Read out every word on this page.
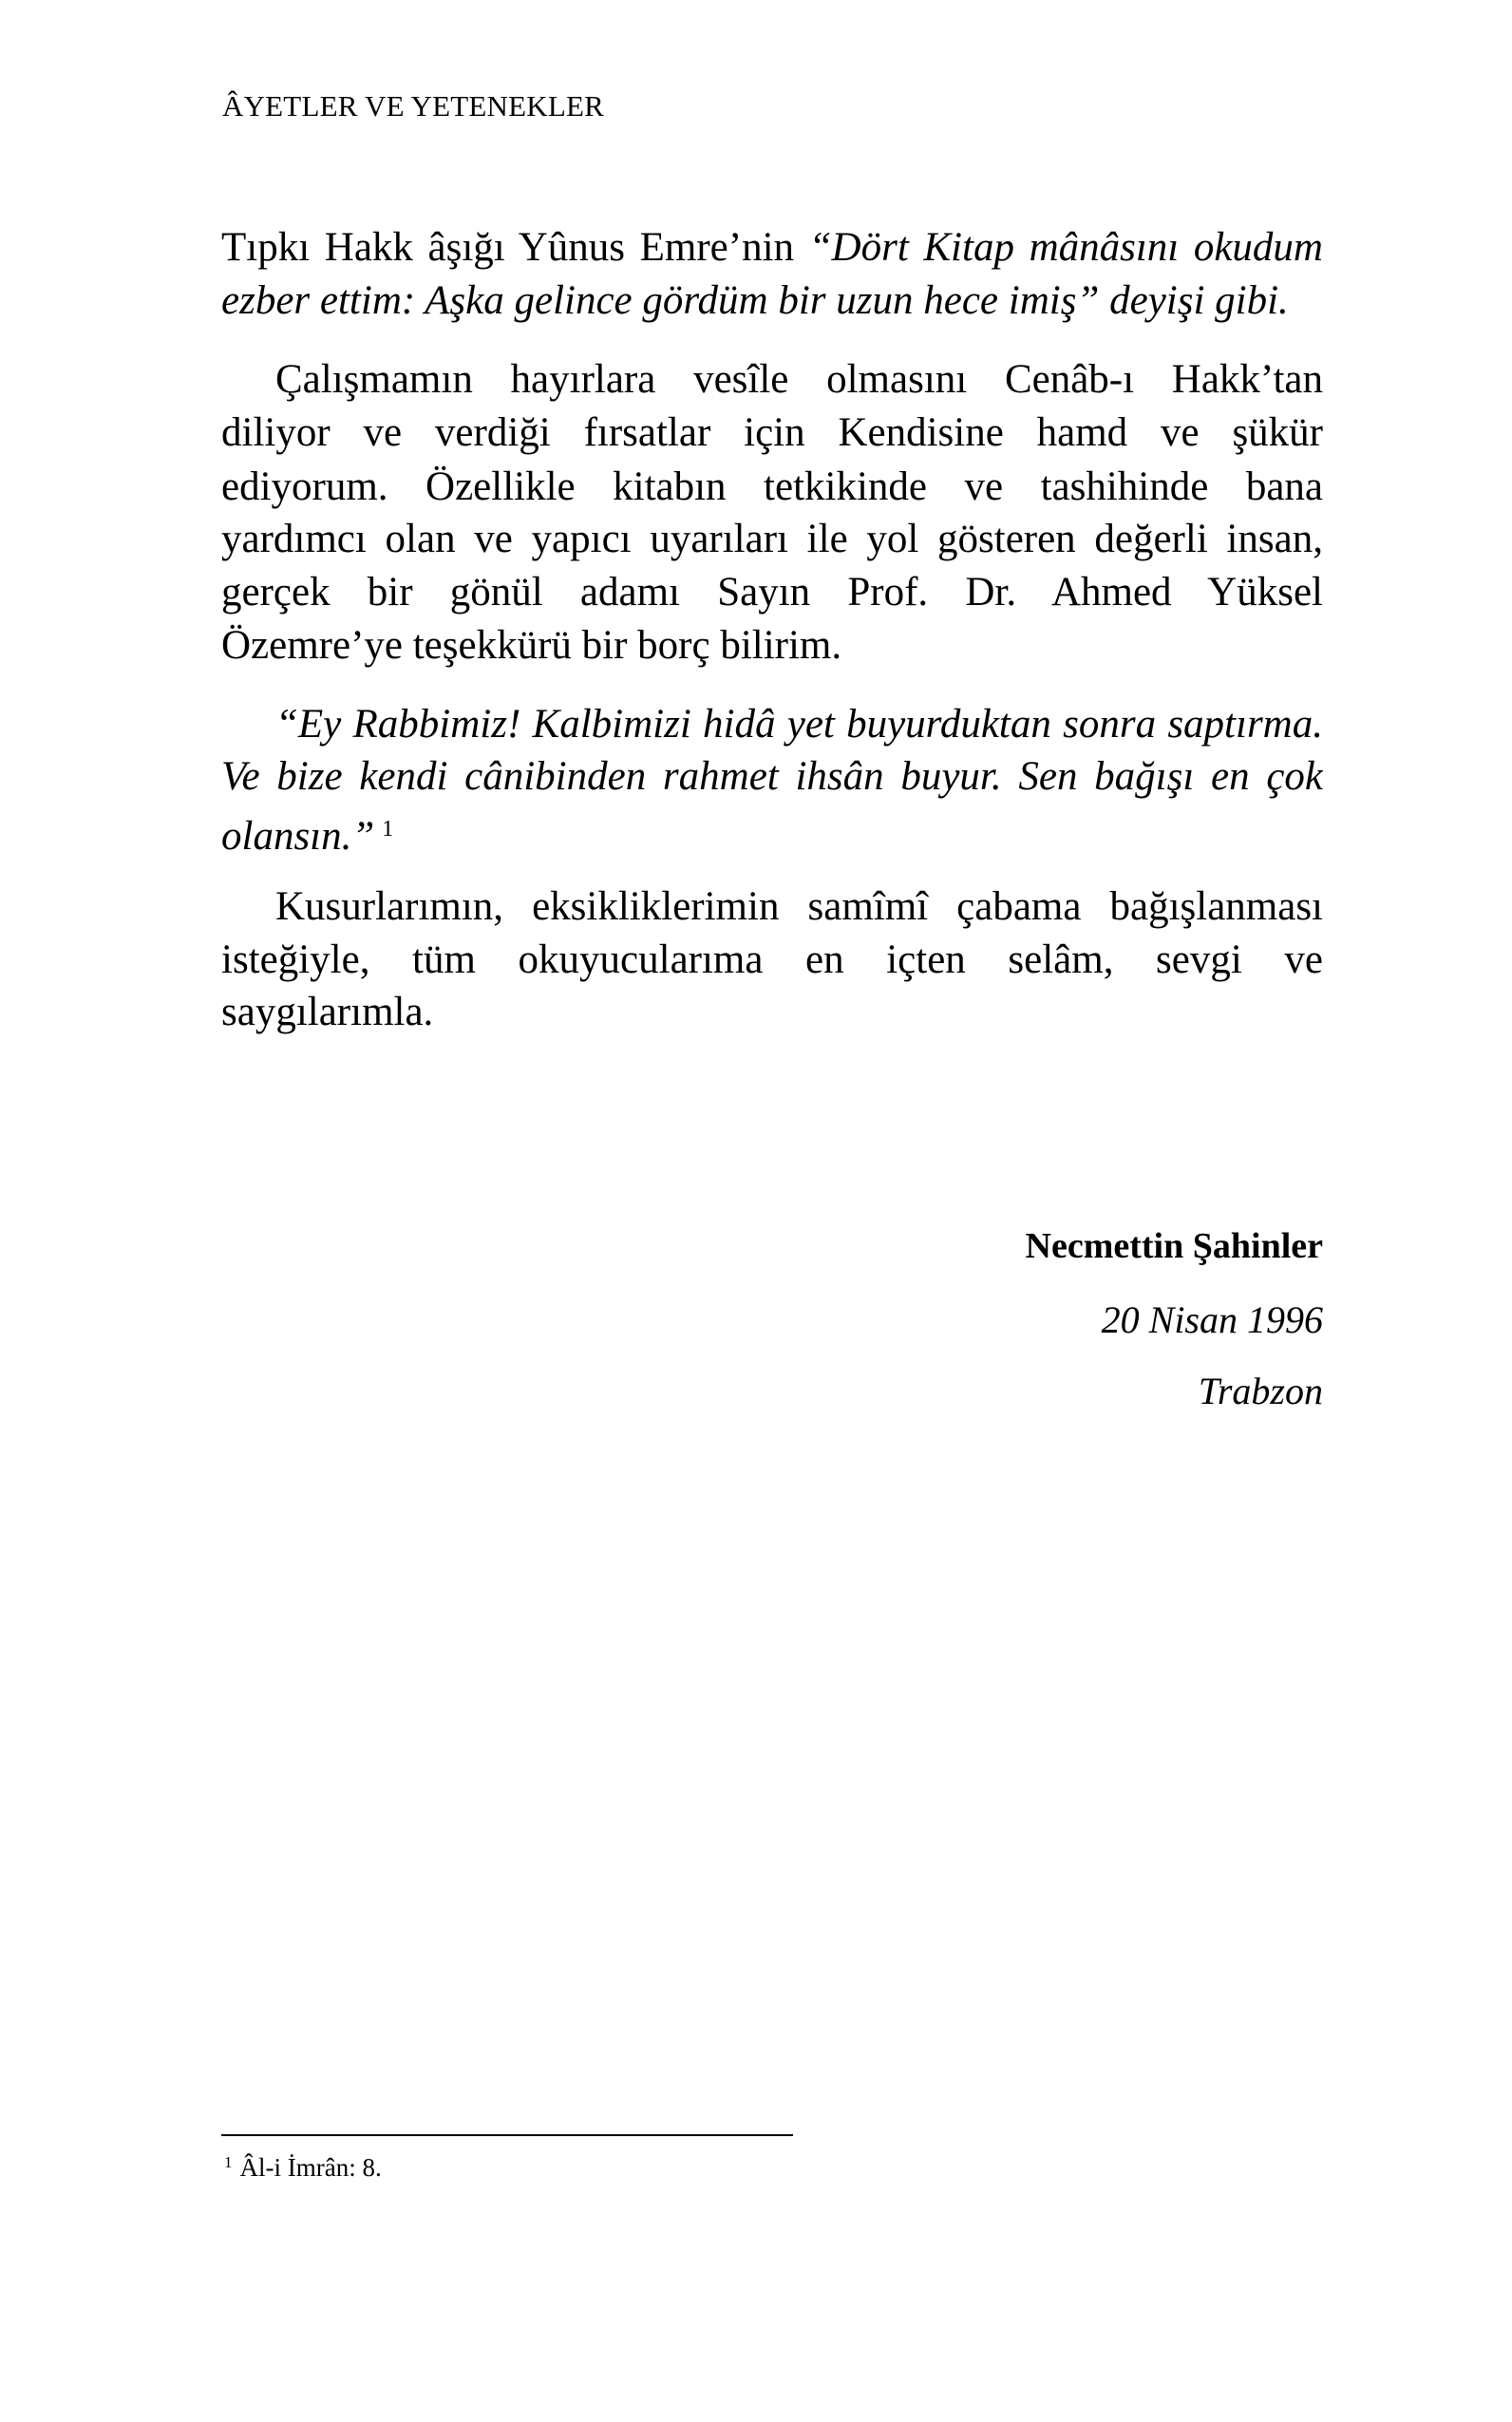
ÂYETLER VE YETENEKLER
Tıpkı Hakk âşığı Yûnus Emre’nin “Dört Kitap mânâsını okudum
ezber ettim: Aşka gelince gördüm bir uzun hece imiş” deyişi gibi.
Çalışmamın hayırlara vesîle olmasını Cenâb-ı Hakk’tan
diliyor ve verdiği fırsatlar için Kendisine hamd ve şükür
ediyorum. Özellikle kitabın tetkikinde ve tashihinde bana
yardımcı olan ve yapıcı uyarıları ile yol gösteren değerli insan,
gerçek bir gönül adamı Sayın Prof. Dr. Ahmed Yüksel
Özemre’ye teşekkürü bir borç bilirim.
“Ey Rabbimiz! Kalbimizi hidâ yet buyurduktan sonra saptırma.
Ve bize kendi cânibinden rahmet ihsân buyur. Sen bağışı en çok
olansın.” $^1$
Kusurlarımın, eksikliklerimin samîmî çabama bağışlanması
isteğiyle, tüm okuyucularıma en içten selâm, sevgi ve
saygılarımla.
Necmettin Şahinler
20 Nisan 1996
Trabzon
$^1$ Âl-i İmrân: 8.
